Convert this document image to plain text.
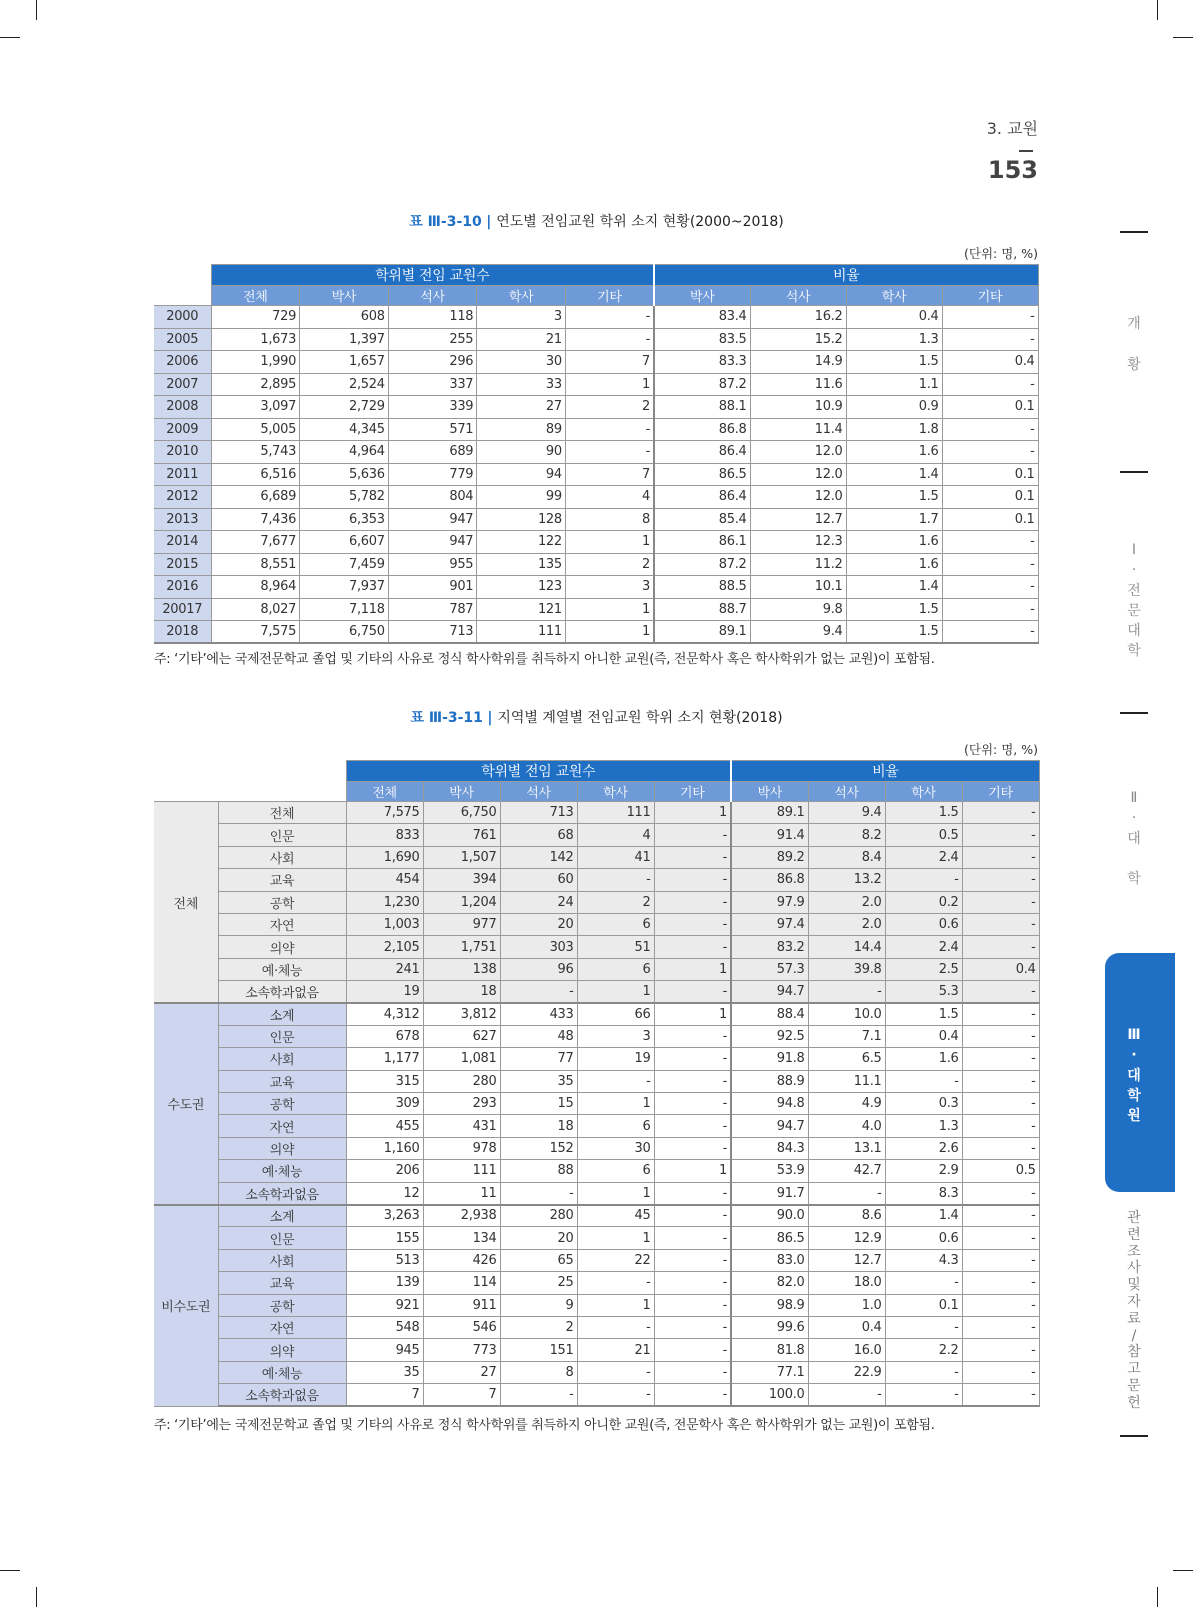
3. 교원
153
개

황
Ⅰ
·
전
문
대
학
Ⅱ
·
대

학
Ⅲ
·
대
학
원
관
련
조
사
및
자
료
/
참
고
문
헌
표 Ⅲ-3-10 | 연도별 전임교원 학위 소지 현황(2000~2018)
(단위: 명, %)
	학위별 전임 교원수					비율			
	전체	박사	석사	학사	기타	박사	석사	학사	기타
2000	729	608	118	3	-	83.4	16.2	0.4	-
2005	1,673	1,397	255	21	-	83.5	15.2	1.3	-
2006	1,990	1,657	296	30	7	83.3	14.9	1.5	0.4
2007	2,895	2,524	337	33	1	87.2	11.6	1.1	-
2008	3,097	2,729	339	27	2	88.1	10.9	0.9	0.1
2009	5,005	4,345	571	89	-	86.8	11.4	1.8	-
2010	5,743	4,964	689	90	-	86.4	12.0	1.6	-
2011	6,516	5,636	779	94	7	86.5	12.0	1.4	0.1
2012	6,689	5,782	804	99	4	86.4	12.0	1.5	0.1
2013	7,436	6,353	947	128	8	85.4	12.7	1.7	0.1
2014	7,677	6,607	947	122	1	86.1	12.3	1.6	-
2015	8,551	7,459	955	135	2	87.2	11.2	1.6	-
2016	8,964	7,937	901	123	3	88.5	10.1	1.4	-
20017	8,027	7,118	787	121	1	88.7	9.8	1.5	-
2018	7,575	6,750	713	111	1	89.1	9.4	1.5	-
주: ‘기타’에는 국제전문학교 졸업 및 기타의 사유로 정식 학사학위를 취득하지 아니한 교원(즉, 전문학사 혹은 학사학위가 없는 교원)이 포함됨.
표 Ⅲ-3-11 | 지역별 계열별 전임교원 학위 소지 현황(2018)
(단위: 명, %)
		학위별 전임 교원수					비율			
		전체	박사	석사	학사	기타	박사	석사	학사	기타
전체	전체	7,575	6,750	713	111	1	89.1	9.4	1.5	-
	인문	833	761	68	4	-	91.4	8.2	0.5	-
	사회	1,690	1,507	142	41	-	89.2	8.4	2.4	-
	교육	454	394	60	-	-	86.8	13.2	-	-
	공학	1,230	1,204	24	2	-	97.9	2.0	0.2	-
	자연	1,003	977	20	6	-	97.4	2.0	0.6	-
	의약	2,105	1,751	303	51	-	83.2	14.4	2.4	-
	예·체능	241	138	96	6	1	57.3	39.8	2.5	0.4
	소속학과없음	19	18	-	1	-	94.7	-	5.3	-
수도권	소계	4,312	3,812	433	66	1	88.4	10.0	1.5	-
	인문	678	627	48	3	-	92.5	7.1	0.4	-
	사회	1,177	1,081	77	19	-	91.8	6.5	1.6	-
	교육	315	280	35	-	-	88.9	11.1	-	-
	공학	309	293	15	1	-	94.8	4.9	0.3	-
	자연	455	431	18	6	-	94.7	4.0	1.3	-
	의약	1,160	978	152	30	-	84.3	13.1	2.6	-
	예·체능	206	111	88	6	1	53.9	42.7	2.9	0.5
	소속학과없음	12	11	-	1	-	91.7	-	8.3	-
비수도권	소계	3,263	2,938	280	45	-	90.0	8.6	1.4	-
	인문	155	134	20	1	-	86.5	12.9	0.6	-
	사회	513	426	65	22	-	83.0	12.7	4.3	-
	교육	139	114	25	-	-	82.0	18.0	-	-
	공학	921	911	9	1	-	98.9	1.0	0.1	-
	자연	548	546	2	-	-	99.6	0.4	-	-
	의약	945	773	151	21	-	81.8	16.0	2.2	-
	예·체능	35	27	8	-	-	77.1	22.9	-	-
	소속학과없음	7	7	-	-	-	100.0	-	-	-
주: ‘기타’에는 국제전문학교 졸업 및 기타의 사유로 정식 학사학위를 취득하지 아니한 교원(즉, 전문학사 혹은 학사학위가 없는 교원)이 포함됨.
